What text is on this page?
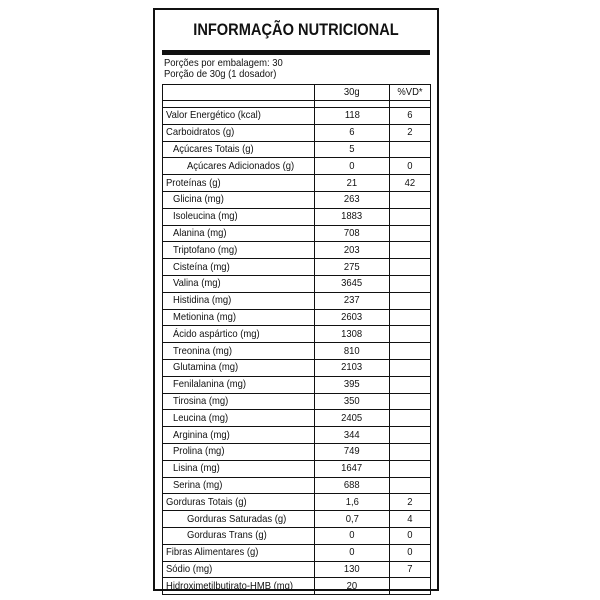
INFORMAÇÃO NUTRICIONAL
Porções por embalagem: 30
Porção de 30g (1 dosador)
	30g	%VD*

Valor Energético (kcal)	118	6
Carboidratos (g)	6	2
Açúcares Totais (g)	5	
Açúcares Adicionados (g)	0	0
Proteínas (g)	21	42
Glicina (mg)	263	
Isoleucina (mg)	1883	
Alanina (mg)	708	
Triptofano (mg)	203	
Cisteína (mg)	275	
Valina (mg)	3645	
Histidina (mg)	237	
Metionina (mg)	2603	
Ácido aspártico (mg)	1308	
Treonina (mg)	810	
Glutamina (mg)	2103	
Fenilalanina (mg)	395	
Tirosina (mg)	350	
Leucina (mg)	2405	
Arginina (mg)	344	
Prolina (mg)	749	
Lisina (mg)	1647	
Serina (mg)	688	
Gorduras Totais (g)	1,6	2
Gorduras Saturadas (g)	0,7	4
Gorduras Trans (g)	0	0
Fibras Alimentares (g)	0	0
Sódio (mg)	130	7
Hidroximetilbutirato-HMB (mg)	20	
